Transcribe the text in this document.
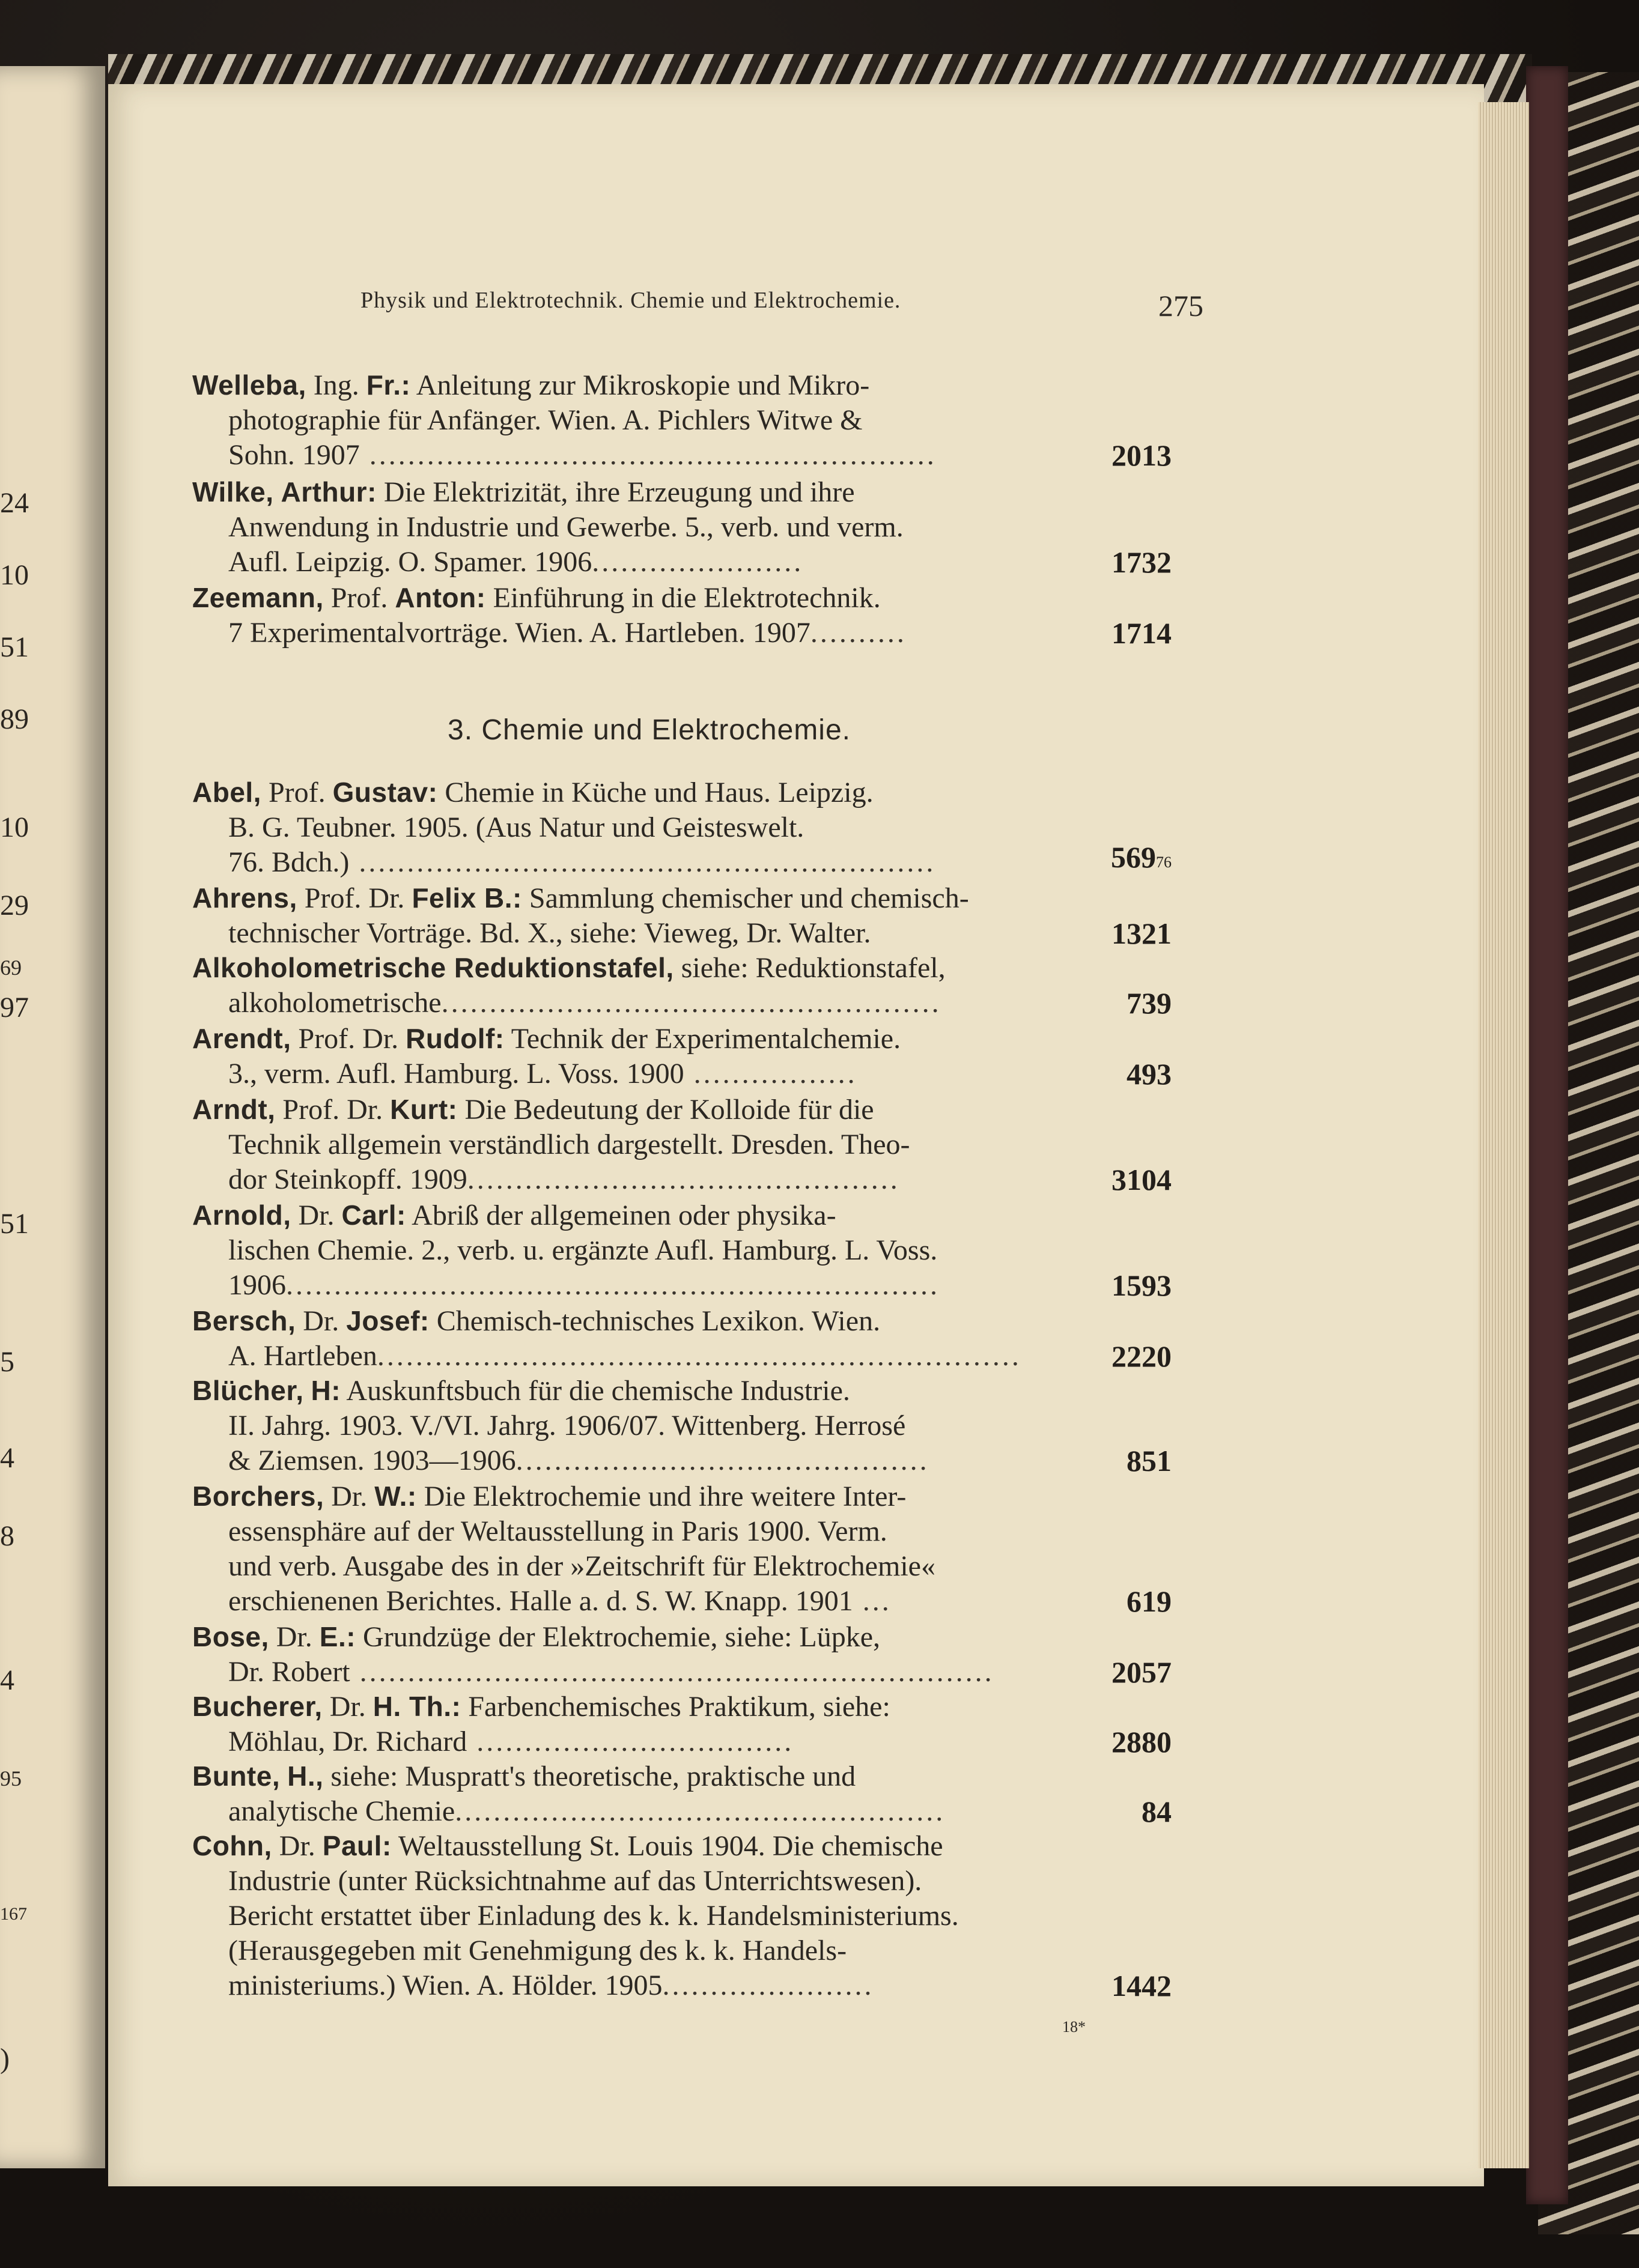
24
10
51
89
10
29
69
97
51
5
4
8
4
95
167
)
Physik und Elektrotechnik. Chemie und Elektrochemie.	275
Welleba, Ing. Fr.: Anleitung zur Mikroskopie und Mikro-
photographie für Anfänger. Wien. A. Pichlers Witwe &
Sohn. 1907 ...........................................................	2013
Wilke, Arthur: Die Elektrizität, ihre Erzeugung und ihre
Anwendung in Industrie und Gewerbe. 5., verb. und verm.
Aufl. Leipzig. O. Spamer. 1906......................	1732
Zeemann, Prof. Anton: Einführung in die Elektrotechnik.
7 Experimentalvorträge. Wien. A. Hartleben. 1907..........	1714
3. Chemie und Elektrochemie.
Abel, Prof. Gustav: Chemie in Küche und Haus. Leipzig.
B. G. Teubner. 1905. (Aus Natur und Geisteswelt.
76. Bdch.) ............................................................	56976
Ahrens, Prof. Dr. Felix B.: Sammlung chemischer und chemisch-
technischer Vorträge. Bd. X., siehe: Vieweg, Dr. Walter.	1321
Alkoholometrische Reduktionstafel, siehe: Reduktionstafel,
alkoholometrische....................................................	739
Arendt, Prof. Dr. Rudolf: Technik der Experimentalchemie.
3., verm. Aufl. Hamburg. L. Voss. 1900 .................	493
Arndt, Prof. Dr. Kurt: Die Bedeutung der Kolloide für die
Technik allgemein verständlich dargestellt. Dresden. Theo-
dor Steinkopff. 1909.............................................	3104
Arnold, Dr. Carl: Abriß der allgemeinen oder physika-
lischen Chemie. 2., verb. u. ergänzte Aufl. Hamburg. L. Voss.
1906....................................................................	1593
Bersch, Dr. Josef: Chemisch-technisches Lexikon. Wien.
A. Hartleben...................................................................	2220
Blücher, H: Auskunftsbuch für die chemische Industrie.
II. Jahrg. 1903. V./VI. Jahrg. 1906/07. Wittenberg. Herrosé
& Ziemsen. 1903—1906...........................................	851
Borchers, Dr. W.: Die Elektrochemie und ihre weitere Inter-
essensphäre auf der Weltausstellung in Paris 1900. Verm.
und verb. Ausgabe des in der »Zeitschrift für Elektrochemie«
erschienenen Berichtes. Halle a. d. S. W. Knapp. 1901 ...	619
Bose, Dr. E.: Grundzüge der Elektrochemie, siehe: Lüpke,
Dr. Robert ..................................................................	2057
Bucherer, Dr. H. Th.: Farbenchemisches Praktikum, siehe:
Möhlau, Dr. Richard .................................	2880
Bunte, H., siehe: Muspratt's theoretische, praktische und
analytische Chemie...................................................	84
Cohn, Dr. Paul: Weltausstellung St. Louis 1904. Die chemische
Industrie (unter Rücksichtnahme auf das Unterrichtswesen).
Bericht erstattet über Einladung des k. k. Handelsministeriums.
(Herausgegeben mit Genehmigung des k. k. Handels-
ministeriums.) Wien. A. Hölder. 1905......................	1442
18*
